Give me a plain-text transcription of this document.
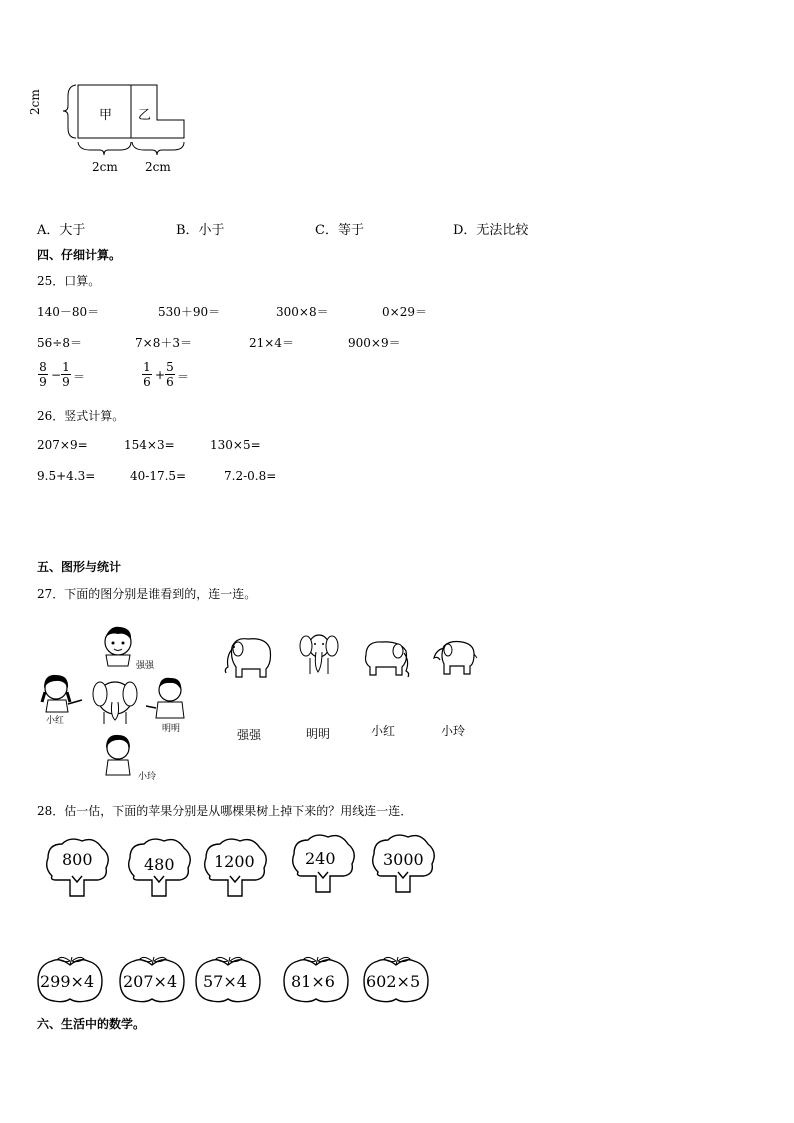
甲 乙
2cm
2cm 2cm
A．大于	B．小于	C．等于	D．无法比较
四、仔细计算。
25．口算。
140－80＝	530＋90＝	300×8＝	0×29＝
56÷8＝	7×8＋3＝	21×4＝	900×9＝
8
9 −
1
9 ＝
1
6 +
5
6 ＝
26．竖式计算。
207×9=	154×3=	130×5=
9.5+4.3=	40-17.5=	7.2-0.8=
五、图形与统计
27．下面的图分别是谁看到的，连一连。
强强
小红
明明
小玲
强强	明明	小红	小玲
28．估一估，下面的苹果分别是从哪棵果树上掉下来的？用线连一连．
800	480 1200	240	3000
299×4 207×4 57×4	81×6 602×5
六、生活中的数学。
